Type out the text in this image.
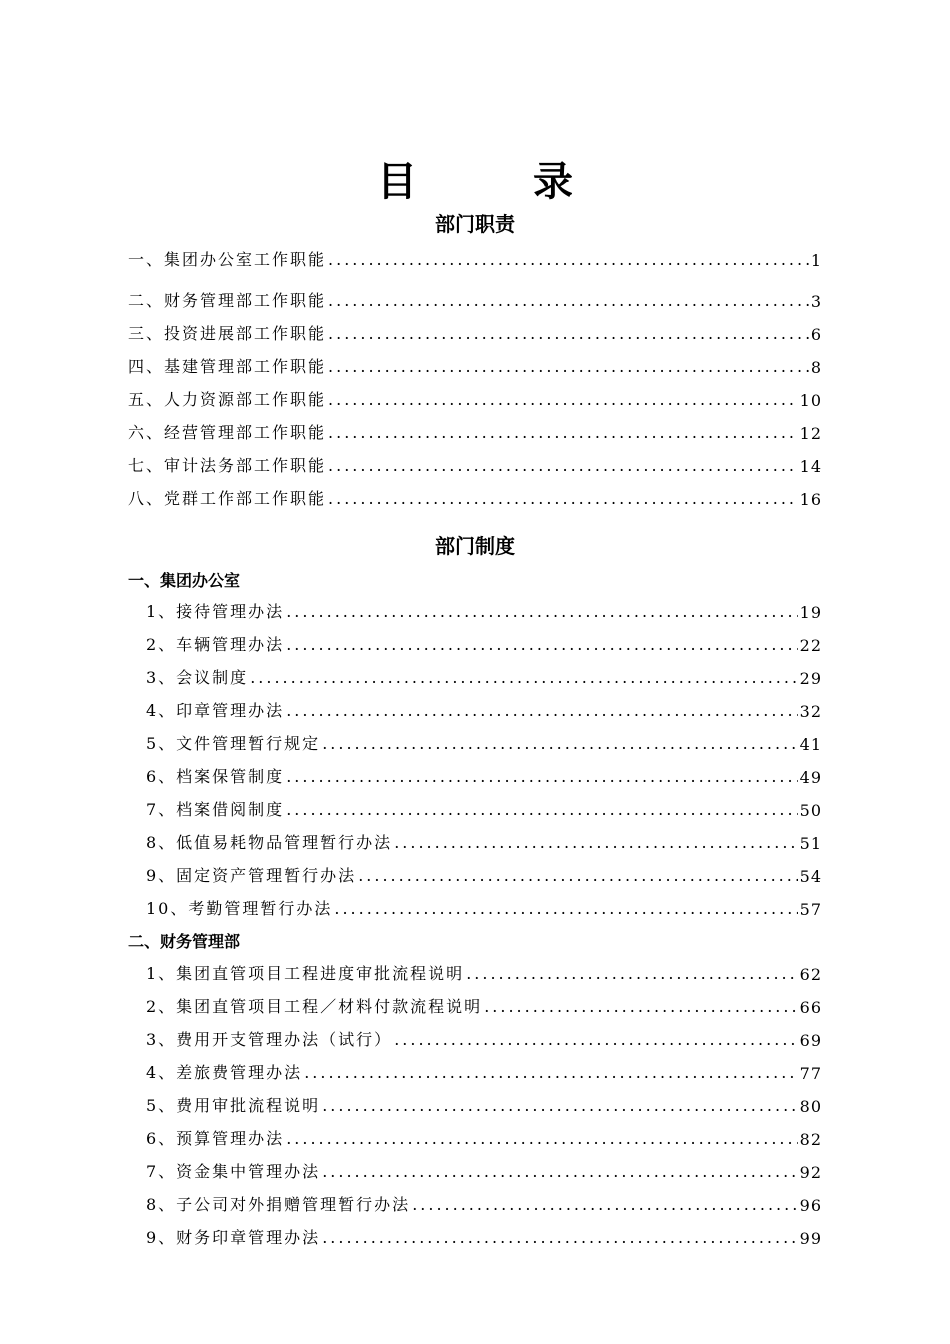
目　录
部门职责
一、集团办公室工作职能 .....	1
二、财务管理部工作职能 .....	3
三、投资进展部工作职能 .....	6
四、基建管理部工作职能 .....	8
五、人力资源部工作职能 .....	10
六、经营管理部工作职能 .....	12
七、审计法务部工作职能 .....	14
八、党群工作部工作职能 .....	16
部门制度
一、集团办公室
1、接待管理办法 .....	19
2、车辆管理办法 .....	22
3、会议制度 .....	29
4、印章管理办法 .....	32
5、文件管理暂行规定 .....	41
6、档案保管制度 .....	49
7、档案借阅制度 .....	50
8、低值易耗物品管理暂行办法 .....	51
9、固定资产管理暂行办法 .....	54
10、考勤管理暂行办法 .....	57
二、财务管理部
1、集团直管项目工程进度审批流程说明 .....	62
2、集团直管项目工程／材料付款流程说明 .....	66
3、费用开支管理办法（试行） .....	69
4、差旅费管理办法 .....	77
5、费用审批流程说明 .....	80
6、预算管理办法 .....	82
7、资金集中管理办法 .....	92
8、子公司对外捐赠管理暂行办法 .....	96
9、财务印章管理办法 .....	99
